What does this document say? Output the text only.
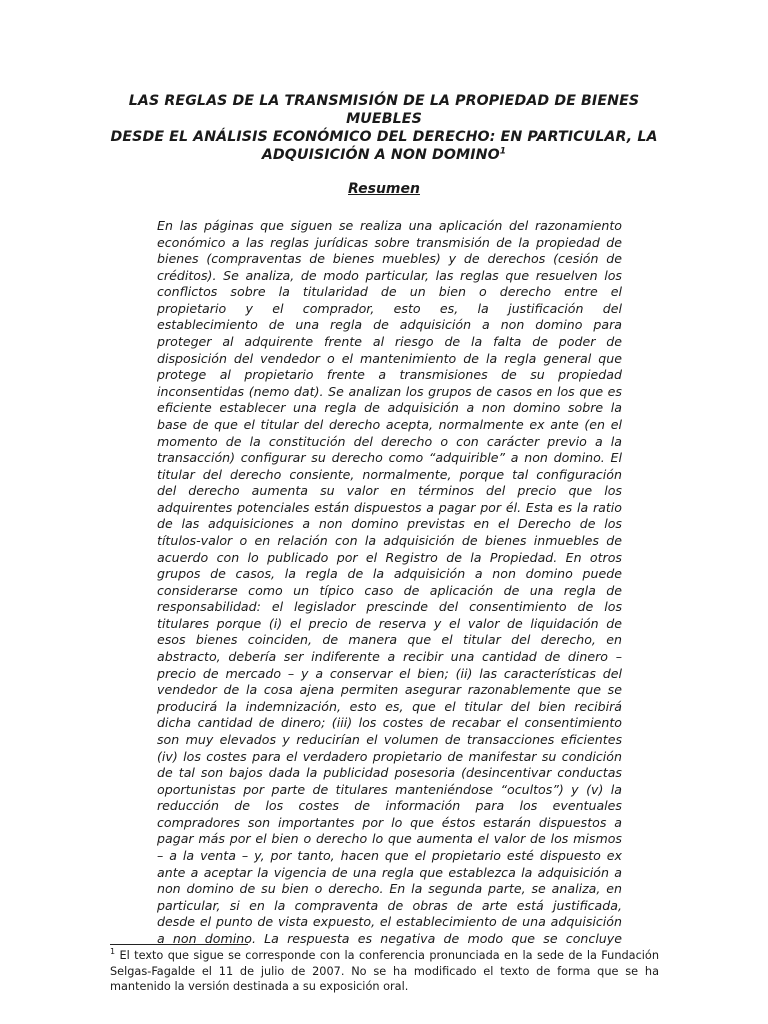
LAS REGLAS DE LA TRANSMISIÓN DE LA PROPIEDAD DE BIENES MUEBLES
DESDE EL ANÁLISIS ECONÓMICO DEL DERECHO: EN PARTICULAR, LA
ADQUISICIÓN A NON DOMINO$^1$
Resumen
En las páginas que siguen se realiza una aplicación del razonamiento
económico a las reglas jurídicas sobre transmisión de la propiedad de
bienes (compraventas de bienes muebles) y de derechos (cesión de
créditos). Se analiza, de modo particular, las reglas que resuelven los
conflictos sobre la titularidad de un bien o derecho entre el
propietario y el comprador, esto es, la justificación del
establecimiento de una regla de adquisición a non domino para
proteger al adquirente frente al riesgo de la falta de poder de
disposición del vendedor o el mantenimiento de la regla general que
protege al propietario frente a transmisiones de su propiedad
inconsentidas (nemo dat). Se analizan los grupos de casos en los que es
eficiente establecer una regla de adquisición a non domino sobre la
base de que el titular del derecho acepta, normalmente ex ante (en el
momento de la constitución del derecho o con carácter previo a la
transacción) configurar su derecho como “adquirible” a non domino. El
titular del derecho consiente, normalmente, porque tal configuración
del derecho aumenta su valor en términos del precio que los
adquirentes potenciales están dispuestos a pagar por él. Esta es la ratio
de las adquisiciones a non domino previstas en el Derecho de los
títulos-valor o en relación con la adquisición de bienes inmuebles de
acuerdo con lo publicado por el Registro de la Propiedad. En otros
grupos de casos, la regla de la adquisición a non domino puede
considerarse como un típico caso de aplicación de una regla de
responsabilidad: el legislador prescinde del consentimiento de los
titulares porque (i) el precio de reserva y el valor de liquidación de
esos bienes coinciden, de manera que el titular del derecho, en
abstracto, debería ser indiferente a recibir una cantidad de dinero –
precio de mercado – y a conservar el bien; (ii) las características del
vendedor de la cosa ajena permiten asegurar razonablemente que se
producirá la indemnización, esto es, que el titular del bien recibirá
dicha cantidad de dinero; (iii) los costes de recabar el consentimiento
son muy elevados y reducirían el volumen de transacciones eficientes
(iv) los costes para el verdadero propietario de manifestar su condición
de tal son bajos dada la publicidad posesoria (desincentivar conductas
oportunistas por parte de titulares manteniéndose “ocultos”) y (v) la
reducción de los costes de información para los eventuales
compradores son importantes por lo que éstos estarán dispuestos a
pagar más por el bien o derecho lo que aumenta el valor de los mismos
– a la venta – y, por tanto, hacen que el propietario esté dispuesto ex
ante a aceptar la vigencia de una regla que establezca la adquisición a
non domino de su bien o derecho. En la segunda parte, se analiza, en
particular, si en la compraventa de obras de arte está justificada,
desde el punto de vista expuesto, el establecimiento de una adquisición
a non domino. La respuesta es negativa de modo que se concluye
$^1$ El texto que sigue se corresponde con la conferencia pronunciada en la sede de la Fundación
Selgas-Fagalde el 11 de julio de 2007. No se ha modificado el texto de forma que se ha
mantenido la versión destinada a su exposición oral.
